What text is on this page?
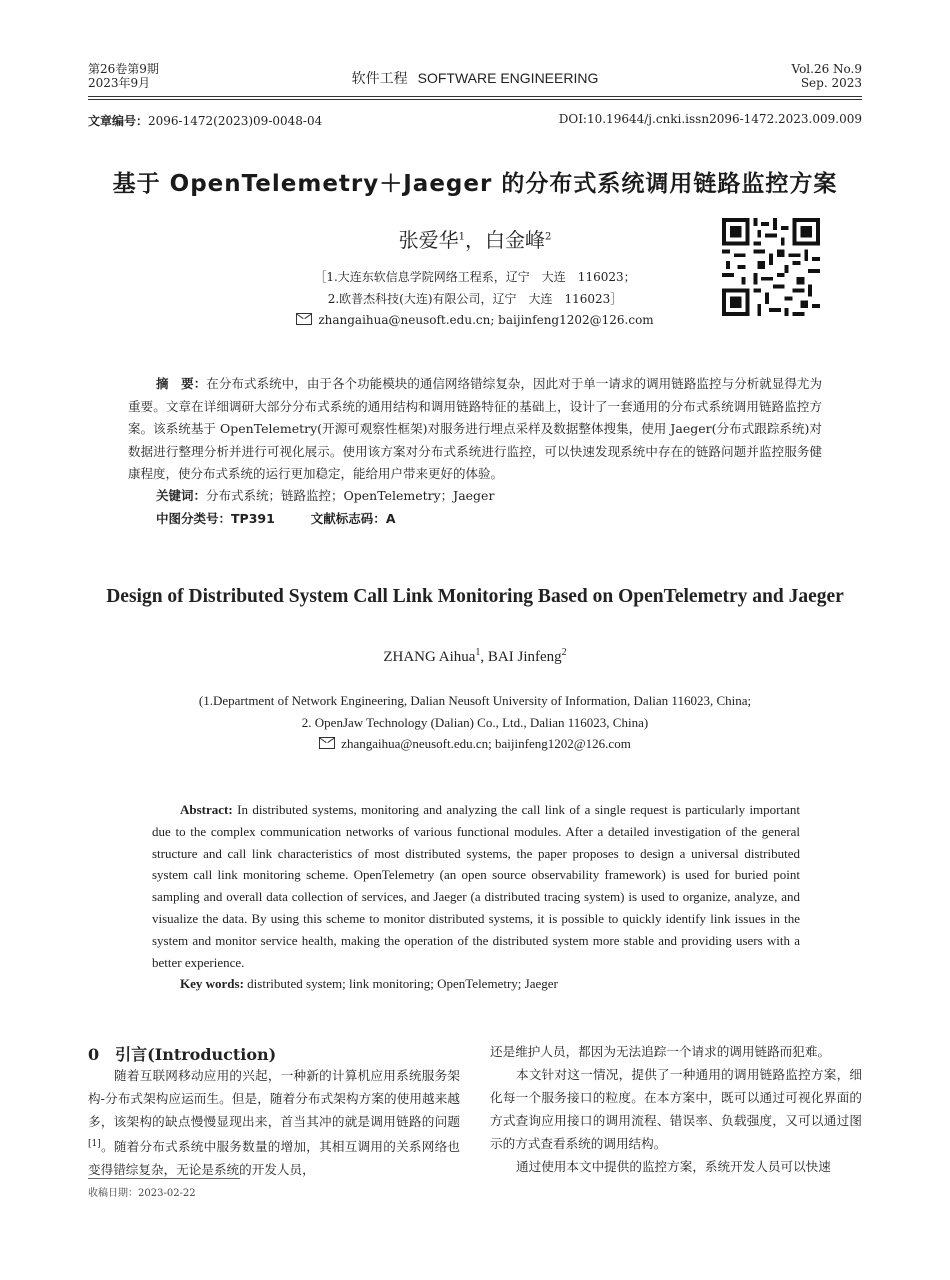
第26卷第9期
2023年9月	软件工程 SOFTWARE ENGINEERING
Vol.26 No.9
Sep. 2023
文章编号：2096-1472(2023)09-0048-04	DOI:10.19644/j.cnki.issn2096-1472.2023.009.009
基于 OpenTelemetry＋Jaeger 的分布式系统调用链路监控方案
张爱华$^1$，白金峰$^2$
［1.大连东软信息学院网络工程系，辽宁　大连　116023；
2.欧普杰科技(大连)有限公司，辽宁　大连　116023］
zhangaihua@neusoft.edu.cn; baijinfeng1202@126.com

摘　要：在分布式系统中，由于各个功能模块的通信网络错综复杂，因此对于单一请求的调用链路监控与分析就显得尤为重要。文章在详细调研大部分分布式系统的通用结构和调用链路特征的基础上，设计了一套通用的分布式系统调用链路监控方案。该系统基于 OpenTelemetry(开源可观察性框架)对服务进行埋点采样及数据整体搜集，使用 Jaeger(分布式跟踪系统)对数据进行整理分析并进行可视化展示。使用该方案对分布式系统进行监控，可以快速发现系统中存在的链路问题并监控服务健康程度，使分布式系统的运行更加稳定，能给用户带来更好的体验。

关键词：分布式系统；链路监控；OpenTelemetry；Jaeger
中图分类号：TP391	文献标志码：A
Design of Distributed System Call Link Monitoring Based on OpenTelemetry and Jaeger
ZHANG Aihua$^1$, BAI Jinfeng$^2$
(1.Department of Network Engineering, Dalian Neusoft University of Information, Dalian 116023, China;
2. OpenJaw Technology (Dalian) Co., Ltd., Dalian 116023, China)
zhangaihua@neusoft.edu.cn; baijinfeng1202@126.com

Abstract: In distributed systems, monitoring and analyzing the call link of a single request is particularly important due to the complex communication networks of various functional modules. After a detailed investigation of the general structure and call link characteristics of most distributed systems, the paper proposes to design a universal distributed system call link monitoring scheme. OpenTelemetry (an open source observability framework) is used for buried point sampling and overall data collection of services, and Jaeger (a distributed tracing system) is used to organize, analyze, and visualize the data. By using this scheme to monitor distributed systems, it is possible to quickly identify link issues in the system and monitor service health, making the operation of the distributed system more stable and providing users with a better experience.

Key words: distributed system; link monitoring; OpenTelemetry; Jaeger
0 引言(Introduction)

随着互联网移动应用的兴起，一种新的计算机应用系统服务架构-分布式架构应运而生。但是，随着分布式架构方案的使用越来越多，该架构的缺点慢慢显现出来，首当其冲的就是调用链路的问题[1]。随着分布式系统中服务数量的增加，其相互调用的关系网络也变得错综复杂，无论是系统的开发人员，

还是维护人员，都因为无法追踪一个请求的调用链路而犯难。

本文针对这一情况，提供了一种通用的调用链路监控方案，细化每一个服务接口的粒度。在本方案中，既可以通过可视化界面的方式查询应用接口的调用流程、错误率、负载强度，又可以通过图示的方式查看系统的调用结构。

通过使用本文中提供的监控方案，系统开发人员可以快速

收稿日期：2023-02-22
